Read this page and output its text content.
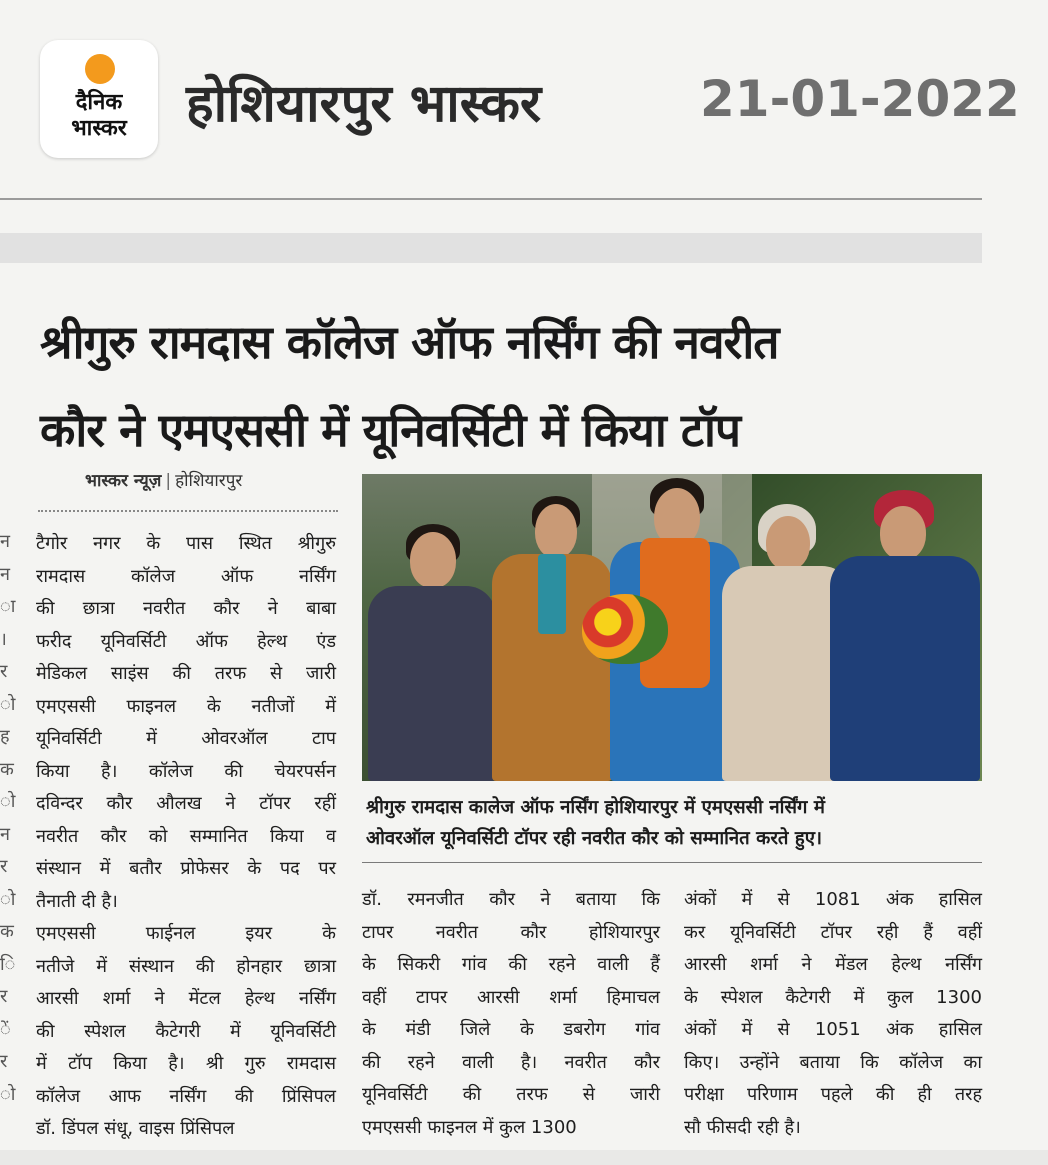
दैनिक
भास्कर	होशियारपुर भास्कर	21-01-2022
श्रीगुरु रामदास कॉलेज ऑफ नर्सिंग की नवरीत
कौर ने एमएससी में यूनिवर्सिटी में किया टॉप
भास्कर न्यूज़ | होशियारपुर
न
न
ा
।
र
ो
ह
क
ो
न
र
ो
क
ि
र
ें
र
ो

टैगोर नगर के पास स्थित श्रीगुरु

रामदास कॉलेज ऑफ नर्सिंग

की छात्रा नवरीत कौर ने बाबा

फरीद यूनिवर्सिटी ऑफ हेल्थ एंड

मेडिकल साइंस की तरफ से जारी

एमएससी फाइनल के नतीजों में

यूनिवर्सिटी में ओवरऑल टाप

किया है। कॉलेज की चेयरपर्सन

दविन्दर कौर औलख ने टॉपर रहीं

नवरीत कौर को सम्मानित किया व

संस्थान में बतौर प्रोफेसर के पद पर

तैनाती दी है।

एमएससी फाईनल इयर के

नतीजे में संस्थान की होनहार छात्रा

आरसी शर्मा ने मेंटल हेल्थ नर्सिंग

की स्पेशल कैटेगरी में यूनिवर्सिटी

में टॉप किया है। श्री गुरु रामदास

कॉलेज आफ नर्सिंग की प्रिंसिपल

डॉ. डिंपल संधू, वाइस प्रिंसिपल

श्रीगुरु रामदास कालेज ऑफ नर्सिंग होशियारपुर में एमएससी नर्सिंग में

ओवरऑल यूनिवर्सिटी टॉपर रही नवरीत कौर को सम्मानित करते हुए।

डॉ. रमनजीत कौर ने बताया कि

टापर नवरीत कौर होशियारपुर

के सिकरी गांव की रहने वाली हैं

वहीं टापर आरसी शर्मा हिमाचल

के मंडी जिले के डबरोग गांव

की रहने वाली है। नवरीत कौर

यूनिवर्सिटी की तरफ से जारी

एमएससी फाइनल में कुल 1300

अंकों में से 1081 अंक हासिल

कर यूनिवर्सिटी टॉपर रही हैं वहीं

आरसी शर्मा ने मेंडल हेल्थ नर्सिंग

के स्पेशल कैटेगरी में कुल 1300

अंकों में से 1051 अंक हासिल

किए। उन्होंने बताया कि कॉलेज का

परीक्षा परिणाम पहले की ही तरह

सौ फीसदी रही है।
